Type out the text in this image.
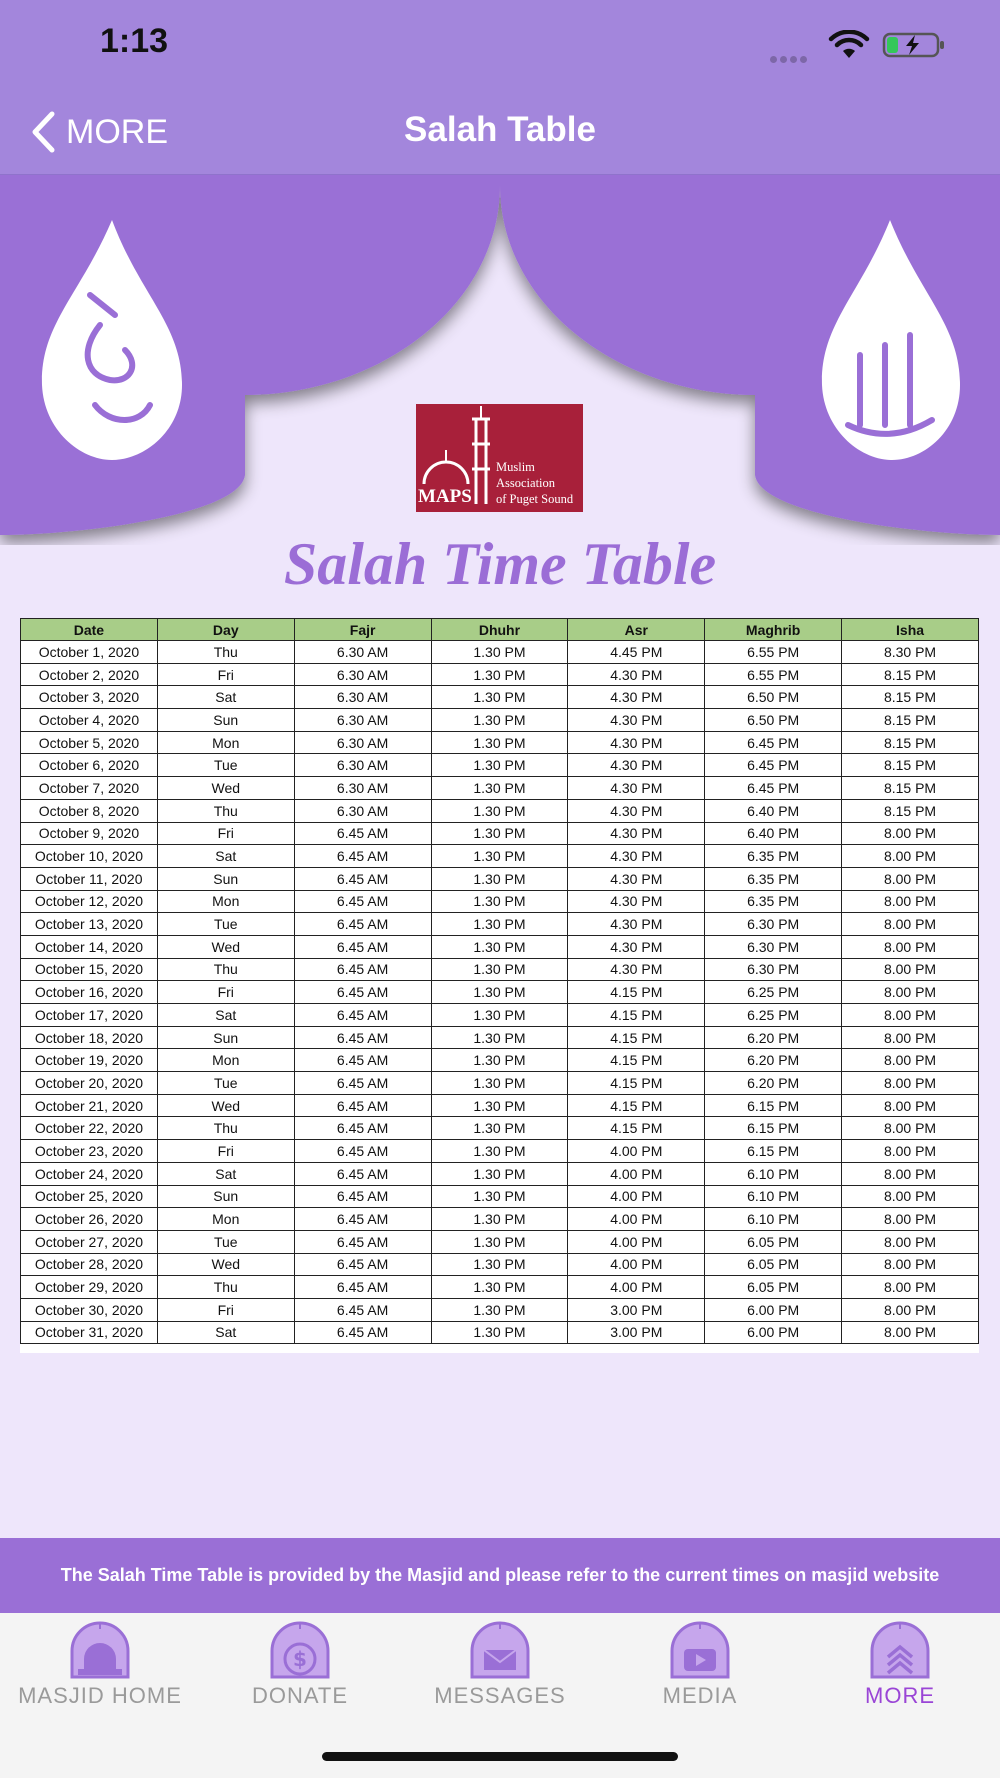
1:13
MORE	Salah Table
Muslim
Association
of Puget Sound
MAPS
Salah Time Table
Date	Day	Fajr	Dhuhr	Asr	Maghrib	Isha
October 1, 2020	Thu	6.30 AM	1.30 PM	4.45 PM	6.55 PM	8.30 PM
October 2, 2020	Fri	6.30 AM	1.30 PM	4.30 PM	6.55 PM	8.15 PM
October 3, 2020	Sat	6.30 AM	1.30 PM	4.30 PM	6.50 PM	8.15 PM
October 4, 2020	Sun	6.30 AM	1.30 PM	4.30 PM	6.50 PM	8.15 PM
October 5, 2020	Mon	6.30 AM	1.30 PM	4.30 PM	6.45 PM	8.15 PM
October 6, 2020	Tue	6.30 AM	1.30 PM	4.30 PM	6.45 PM	8.15 PM
October 7, 2020	Wed	6.30 AM	1.30 PM	4.30 PM	6.45 PM	8.15 PM
October 8, 2020	Thu	6.30 AM	1.30 PM	4.30 PM	6.40 PM	8.15 PM
October 9, 2020	Fri	6.45 AM	1.30 PM	4.30 PM	6.40 PM	8.00 PM
October 10, 2020	Sat	6.45 AM	1.30 PM	4.30 PM	6.35 PM	8.00 PM
October 11, 2020	Sun	6.45 AM	1.30 PM	4.30 PM	6.35 PM	8.00 PM
October 12, 2020	Mon	6.45 AM	1.30 PM	4.30 PM	6.35 PM	8.00 PM
October 13, 2020	Tue	6.45 AM	1.30 PM	4.30 PM	6.30 PM	8.00 PM
October 14, 2020	Wed	6.45 AM	1.30 PM	4.30 PM	6.30 PM	8.00 PM
October 15, 2020	Thu	6.45 AM	1.30 PM	4.30 PM	6.30 PM	8.00 PM
October 16, 2020	Fri	6.45 AM	1.30 PM	4.15 PM	6.25 PM	8.00 PM
October 17, 2020	Sat	6.45 AM	1.30 PM	4.15 PM	6.25 PM	8.00 PM
October 18, 2020	Sun	6.45 AM	1.30 PM	4.15 PM	6.20 PM	8.00 PM
October 19, 2020	Mon	6.45 AM	1.30 PM	4.15 PM	6.20 PM	8.00 PM
October 20, 2020	Tue	6.45 AM	1.30 PM	4.15 PM	6.20 PM	8.00 PM
October 21, 2020	Wed	6.45 AM	1.30 PM	4.15 PM	6.15 PM	8.00 PM
October 22, 2020	Thu	6.45 AM	1.30 PM	4.15 PM	6.15 PM	8.00 PM
October 23, 2020	Fri	6.45 AM	1.30 PM	4.00 PM	6.15 PM	8.00 PM
October 24, 2020	Sat	6.45 AM	1.30 PM	4.00 PM	6.10 PM	8.00 PM
October 25, 2020	Sun	6.45 AM	1.30 PM	4.00 PM	6.10 PM	8.00 PM
October 26, 2020	Mon	6.45 AM	1.30 PM	4.00 PM	6.10 PM	8.00 PM
October 27, 2020	Tue	6.45 AM	1.30 PM	4.00 PM	6.05 PM	8.00 PM
October 28, 2020	Wed	6.45 AM	1.30 PM	4.00 PM	6.05 PM	8.00 PM
October 29, 2020	Thu	6.45 AM	1.30 PM	4.00 PM	6.05 PM	8.00 PM
October 30, 2020	Fri	6.45 AM	1.30 PM	3.00 PM	6.00 PM	8.00 PM
October 31, 2020	Sat	6.45 AM	1.30 PM	3.00 PM	6.00 PM	8.00 PM
The Salah Time Table is provided by the Masjid and please refer to the current times on masjid website
MASJID HOME
$
DONATE	MESSAGES	MEDIA	MORE
